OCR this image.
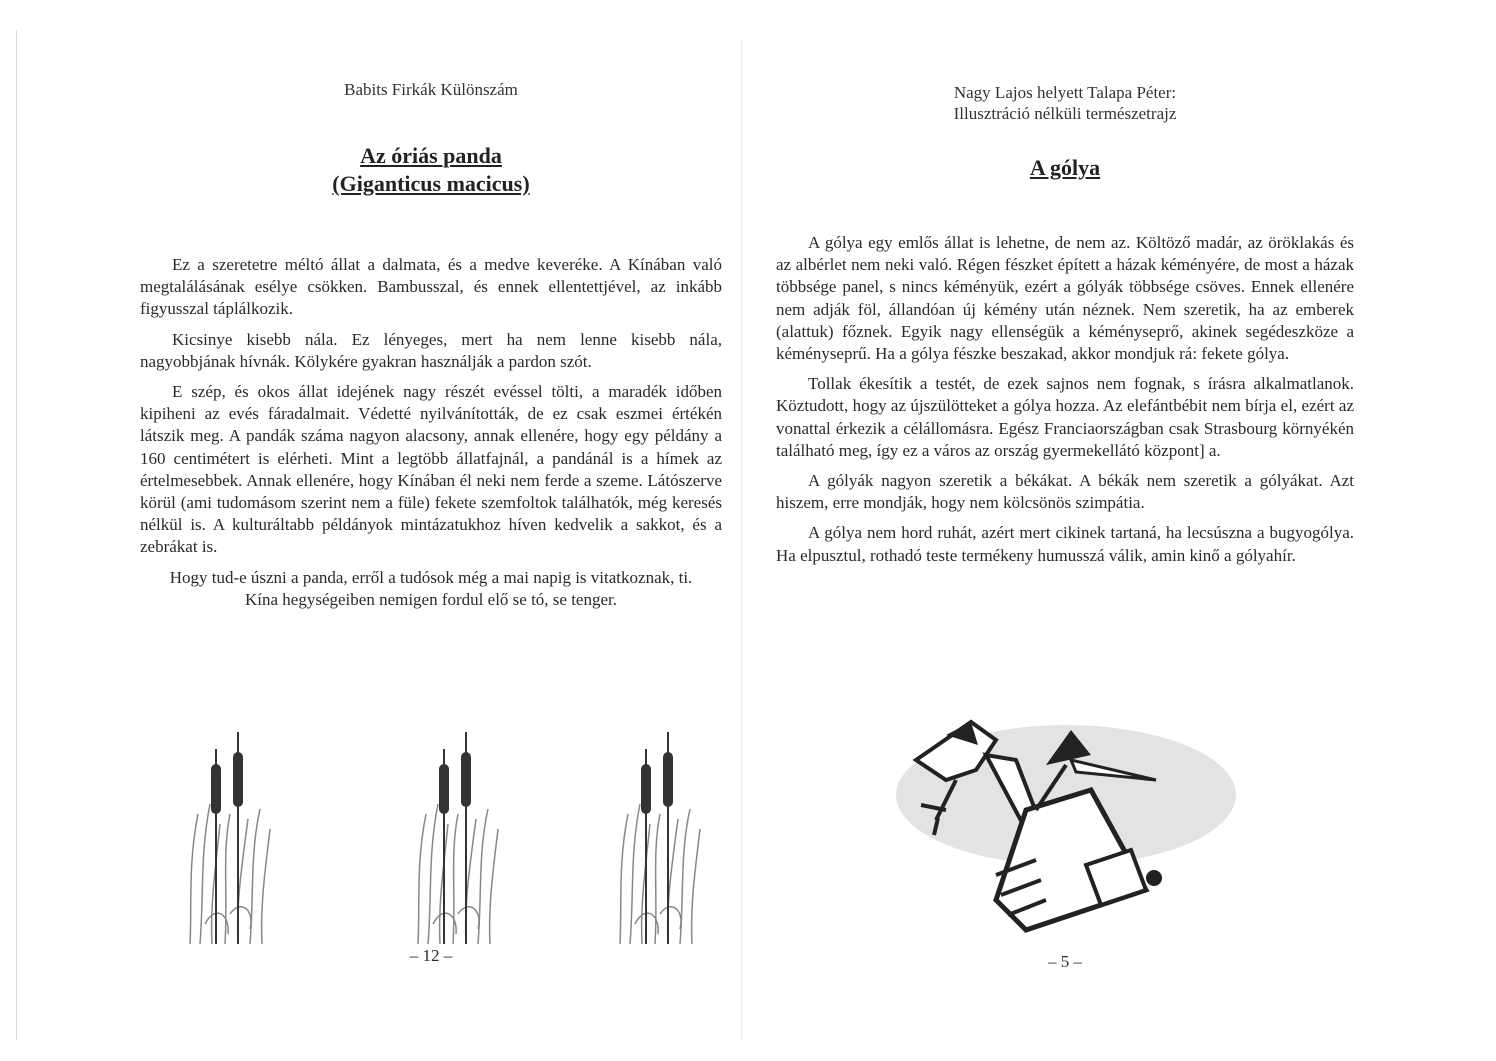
Babits Firkák Különszám
Az óriás panda
(Giganticus macicus)

Ez a szeretetre méltó állat a dalmata, és a medve keveréke. A Kínában való megtalálásának esélye csökken. Bambusszal, és ennek ellentettjével, az inkább figyusszal táplálkozik.

Kicsinye kisebb nála. Ez lényeges, mert ha nem lenne kisebb nála, nagyobbjának hívnák. Kölykére gyakran használják a pardon szót.

E szép, és okos állat idejének nagy részét evéssel tölti, a maradék időben kipiheni az evés fáradalmait. Védetté nyilvánították, de ez csak eszmei értékén látszik meg. A pandák száma nagyon alacsony, annak ellenére, hogy egy példány a 160 centimétert is elérheti. Mint a legtöbb állatfajnál, a pandánál is a hímek az értelmesebbek. Annak ellenére, hogy Kínában él neki nem ferde a szeme. Látószerve körül (ami tudomásom szerint nem a füle) fekete szemfoltok találhatók, még keresés nélkül is. A kulturáltabb példányok mintázatukhoz híven kedvelik a sakkot, és a zebrákat is.

Hogy tud-e úszni a panda, erről a tudósok még a mai napig is vitatkoznak, ti. Kína hegységeiben nemigen fordul elő se tó, se tenger.

– 12 –
Nagy Lajos helyett Talapa Péter:
Illusztráció nélküli természetrajz
A gólya

A gólya egy emlős állat is lehetne, de nem az. Költöző madár, az öröklakás és az albérlet nem neki való. Régen fészket épített a házak kéményére, de most a házak többsége panel, s nincs kéményük, ezért a gólyák többsége csöves. Ennek ellenére nem adják föl, állandóan új kémény után néznek. Nem szeretik, ha az emberek (alattuk) főznek. Egyik nagy ellenségük a kéményseprő, akinek segédeszköze a kéményseprű. Ha a gólya fészke beszakad, akkor mondjuk rá: fekete gólya.

Tollak ékesítik a testét, de ezek sajnos nem fognak, s írásra alkalmatlanok. Köztudott, hogy az újszülötteket a gólya hozza. Az elefántbébit nem bírja el, ezért az vonattal érkezik a célállomásra. Egész Franciaországban csak Strasbourg környékén található meg, így ez a város az ország gyermekellátó központ] a.

A gólyák nagyon szeretik a békákat. A békák nem szeretik a gólyákat. Azt hiszem, erre mondják, hogy nem kölcsönös szimpátia.

A gólya nem hord ruhát, azért mert cikinek tartaná, ha lecsúszna a bugyogólya. Ha elpusztul, rothadó teste termékeny humusszá válik, amin kinő a gólyahír.

– 5 –
